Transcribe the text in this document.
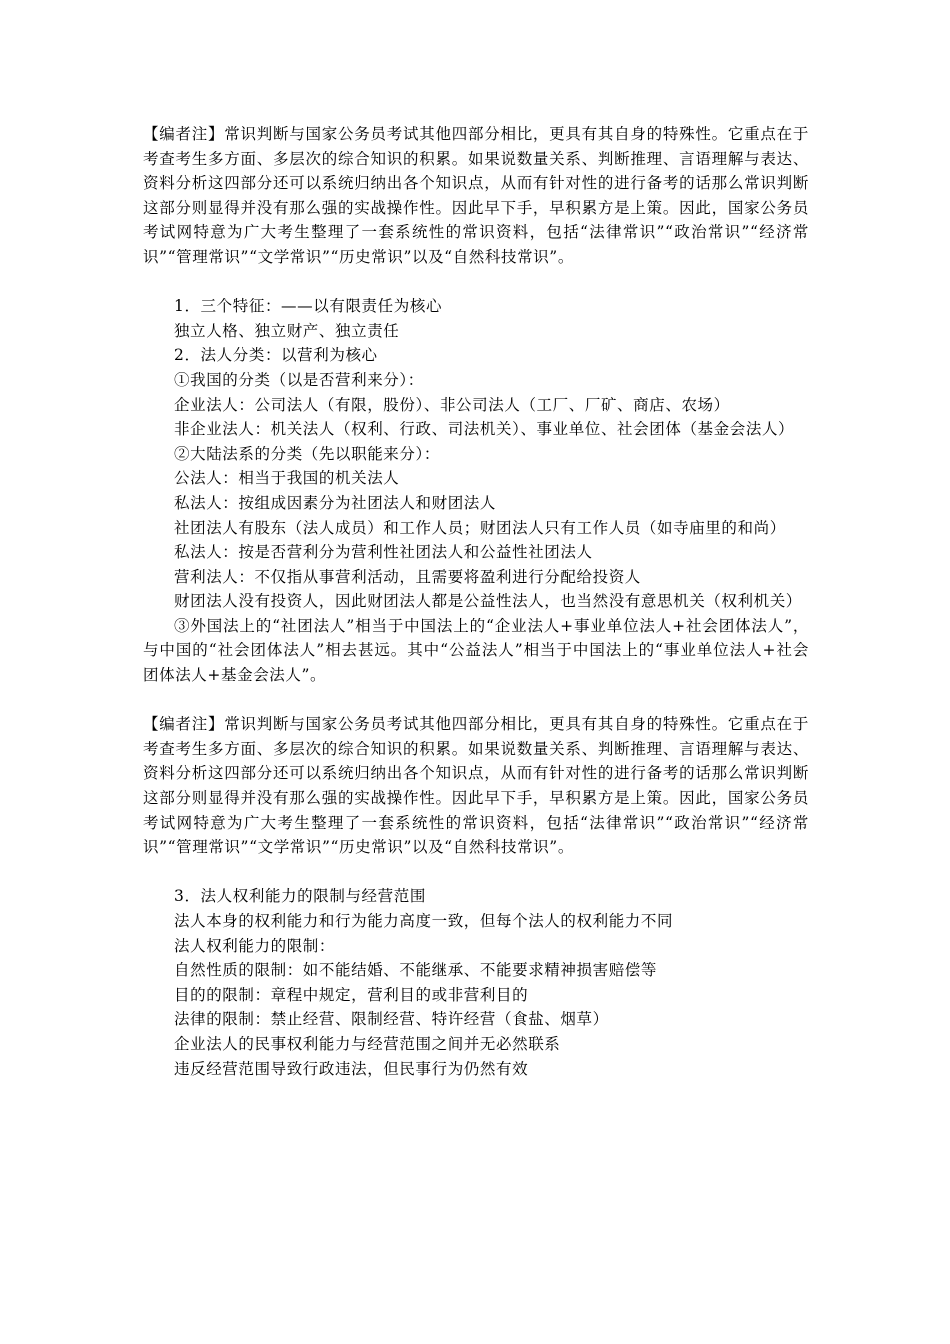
【编者注】常识判断与国家公务员考试其他四部分相比，更具有其自身的特殊性。它重点在于考查考生多方面、多层次的综合知识的积累。如果说数量关系、判断推理、言语理解与表达、资料分析这四部分还可以系统归纳出各个知识点，从而有针对性的进行备考的话那么常识判断这部分则显得并没有那么强的实战操作性。因此早下手，早积累方是上策。因此，国家公务员考试网特意为广大考生整理了一套系统性的常识资料，包括“法律常识”“政治常识”“经济常识”“管理常识”“文学常识”“历史常识”以及“自然科技常识”。

1．三个特征：——以有限责任为核心

独立人格、独立财产、独立责任

2．法人分类：以营利为核心

①我国的分类（以是否营利来分）：

企业法人：公司法人（有限，股份）、非公司法人（工厂、厂矿、商店、农场）

非企业法人：机关法人（权利、行政、司法机关）、事业单位、社会团体（基金会法人）

②大陆法系的分类（先以职能来分）：

公法人：相当于我国的机关法人

私法人：按组成因素分为社团法人和财团法人

社团法人有股东（法人成员）和工作人员；财团法人只有工作人员（如寺庙里的和尚）

私法人：按是否营利分为营利性社团法人和公益性社团法人

营利法人：不仅指从事营利活动，且需要将盈利进行分配给投资人

财团法人没有投资人，因此财团法人都是公益性法人，也当然没有意思机关（权利机关）

③外国法上的“社团法人”相当于中国法上的“企业法人+事业单位法人+社会团体法人”，与中国的“社会团体法人”相去甚远。其中“公益法人”相当于中国法上的“事业单位法人+社会团体法人+基金会法人”。

【编者注】常识判断与国家公务员考试其他四部分相比，更具有其自身的特殊性。它重点在于考查考生多方面、多层次的综合知识的积累。如果说数量关系、判断推理、言语理解与表达、资料分析这四部分还可以系统归纳出各个知识点，从而有针对性的进行备考的话那么常识判断这部分则显得并没有那么强的实战操作性。因此早下手，早积累方是上策。因此，国家公务员考试网特意为广大考生整理了一套系统性的常识资料，包括“法律常识”“政治常识”“经济常识”“管理常识”“文学常识”“历史常识”以及“自然科技常识”。

3．法人权利能力的限制与经营范围

法人本身的权利能力和行为能力高度一致，但每个法人的权利能力不同

法人权利能力的限制：

自然性质的限制：如不能结婚、不能继承、不能要求精神损害赔偿等

目的的限制：章程中规定，营利目的或非营利目的

法律的限制：禁止经营、限制经营、特许经营（食盐、烟草）

企业法人的民事权利能力与经营范围之间并无必然联系

违反经营范围导致行政违法，但民事行为仍然有效
